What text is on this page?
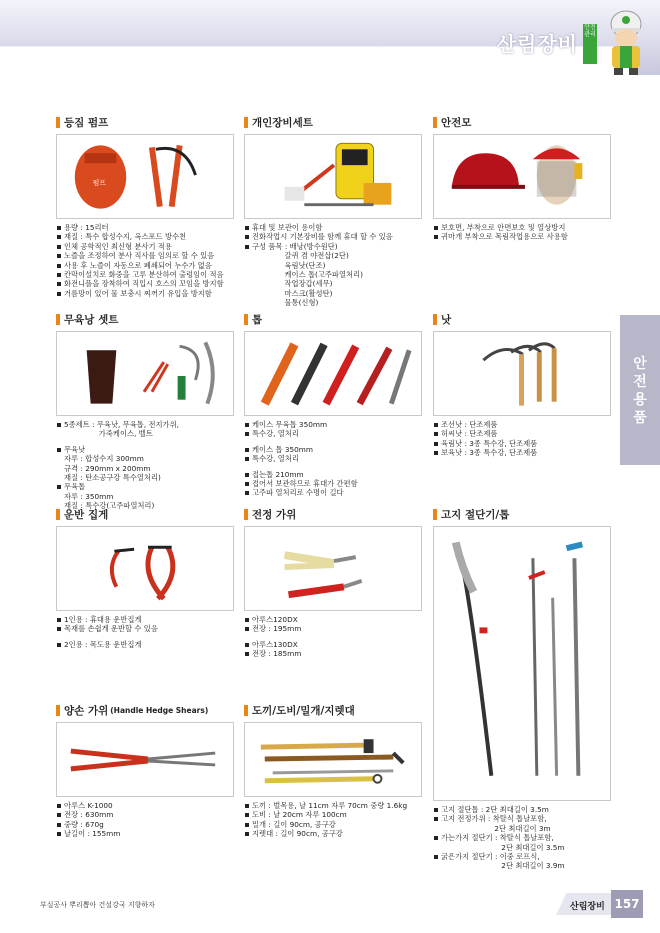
산림장비
안전관리
안전용품
등짐 펌프
펌프
용량 : 15리터
재질 : 특수 합성수지, 옥스포드 방수천
인체 공학적인 최신형 분사기 적용
노즐을 조정하여 분사 직사를 임의로 할 수 있음
사용 후 노즐이 자동으로 폐쇄되어 누수가 없음
칸막이설치로 화중을 고루 분산하여 출렁임이 적음
화전니플을 장착하여 직입시 호스의 꼬임을 방지함
거름망이 있어 물 보충시 찌꺼기 유입을 방지함
개인장비세트
휴대 및 보관이 용이함
진화작업시 기본장비를 함께 휴대 할 수 있음
구성 품목 : 배낭(방수원단)
갈퀴 겸 야전삽(2단)
육림낫(단조)
케이스 톱(고주파열처리)
작업장갑(세무)
마스크(활성탄)
물통(신형)
안전모
보호면, 부착으로 안면보호 및 열상방지
귀마개 부착으로 목림작업용으로 사용함
무육낭 셋트
5종세트 : 무육낫, 무육톱, 전지가위,
가죽케이스, 벨트
무육낫
자루 : 합성수지 300mm
규격 : 290mm x 200mm
재질 : 탄소공구강 특수열처리)
무육톱
자루 : 350mm
재질 : 특수강(고주파열처리)
톱
케이스 무육톱 350mm
특수강, 열처리
케이스 톱 350mm
특수강, 열처리
접는톱 210mm
접어서 보관하므로 휴대가 간편함
고주파 열처리로 수명이 길다
낫
조선낫 : 단조제품
허씨낫 : 단조제품
육림낫 : 3종 특수강, 단조제품
보육낫 : 3종 특수강, 단조제품
운반 집게
1인용 : 휴대용 운반집게
목재를 손쉽게 운반할 수 있음
2인용 : 목도용 운반집게
전정 가위
아루스120DX
전장 : 195mm
아루스130DX
전장 : 185mm
고지 절단기/톱
고지 절단톱 : 2단 최대길이 3.5m
고지 전정가위 : 착탈식 톱날포함,
2단 최대길이 3m
가는가지 절단기 : 착탈식 톱날포함,
2단 최대길이 3.5m
굵은가지 절단기 : 이중 로프식,
2단 최대길이 3.9m
양손 가위 (Handle Hedge Shears)
아루스 K-1000
전장 : 630mm
중량 : 670g
날길이 : 155mm
도끼/도비/밀개/지렛대
도끼 : 벌목용, 날 11cm 자루 70cm 중량 1.6kg
도비 : 날 20cm 자루 100cm
밀개 : 길이 90cm, 공구강
지렛대 : 길이 90cm, 공구강
부실공사 뿌리뽑아 건설강국 지향하자	산림장비 157
